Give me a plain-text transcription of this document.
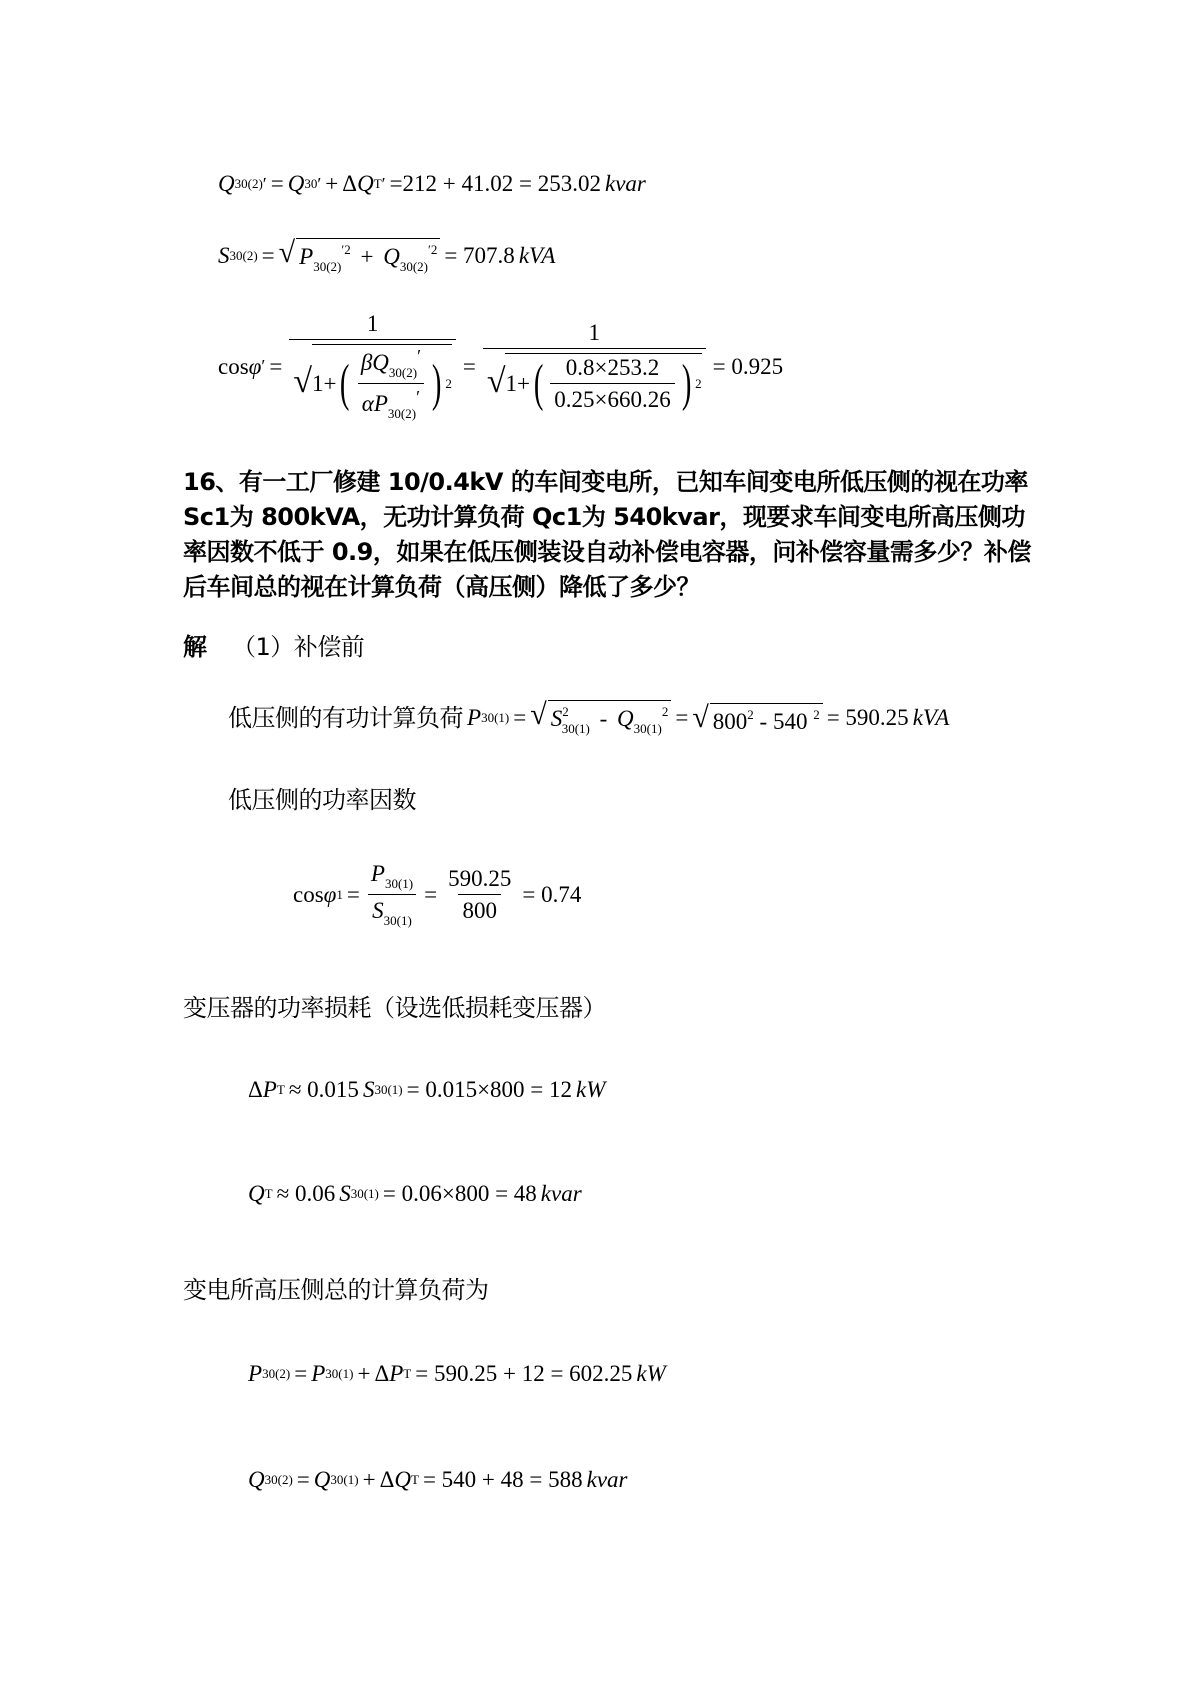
Q 30(2) ′ = Q 30 ′ + Δ Q T ′ =212 + 41.02 = 253.02 kvar
S 30(2) = √ $P_{30(2)}^{'2} + Q_{30(2)}^{'2} = 707.8$ kVA
cos φ ′ =
1
√ 1+ ( $\frac{\beta Q_{30(2)}'}{\alpha P_{30(2)}'}$ ) 2
=
1
√ 1+ ( $\frac{0.8\times 253.2}{0.25\times 660.26}$ ) 2
= 0.925
16、有一工厂修建 10/0.4kV 的车间变电所，已知车间变电所低压侧的视在功率 Sc1为 800kVA，无功计算负荷 Qc1为 540kvar，现要求车间变电所高压侧功率因数不低于 0.9，如果在低压侧装设自动补偿电容器，问补偿容量需多少？补偿后车间总的视在计算负荷（高压侧）降低了多少？
解 （1）补偿前
低压侧的有功计算负荷 P 30(1) = √ $S^2_{30(1)} - Q_{30(1)}^2$ = √ $800^2 - 540$ $^2$ = 590.25 kVA
低压侧的功率因数
cos φ $1 = \frac{P_{30(1)}}{S_{30(1)}} = \frac{590.25}{800} = 0.74$
变压器的功率损耗（设选低损耗变压器）
Δ P T ≈ 0.015 S 30(1) = 0.015×800 = 12 kW
Q T ≈ 0.06 S 30(1) = 0.06×800 = 48 kvar
变电所高压侧总的计算负荷为
P 30(2) = P 30(1) + Δ P T = 590.25 + 12 = 602.25 kW
Q 30(2) = Q 30(1) + Δ Q T = 540 + 48 = 588 kvar
